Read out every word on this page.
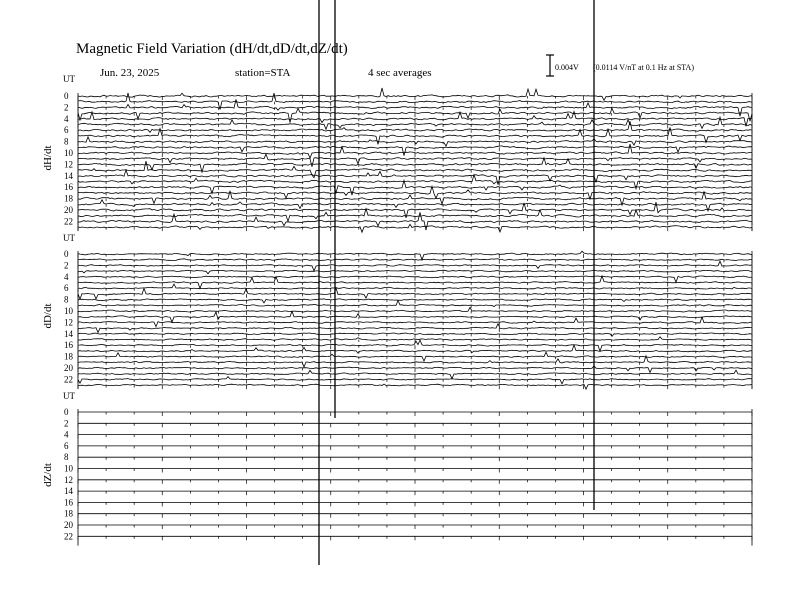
Magnetic Field Variation (dH/dt,dD/dt,dZ/dt)
Jun. 23, 2025	station=STA	4 sec averages	0.004V (0.0114 V/nT at 0.1 Hz at STA)
UT
dH/dt
0
2
4
6
8
10
12
14
16
18
20
22
UT
dD/dt
0
2
4
6
8
10
12
14
16
18
20
22
UT
dZ/dt
0
2
4
6
8
10
12
14
16
18
20
22
